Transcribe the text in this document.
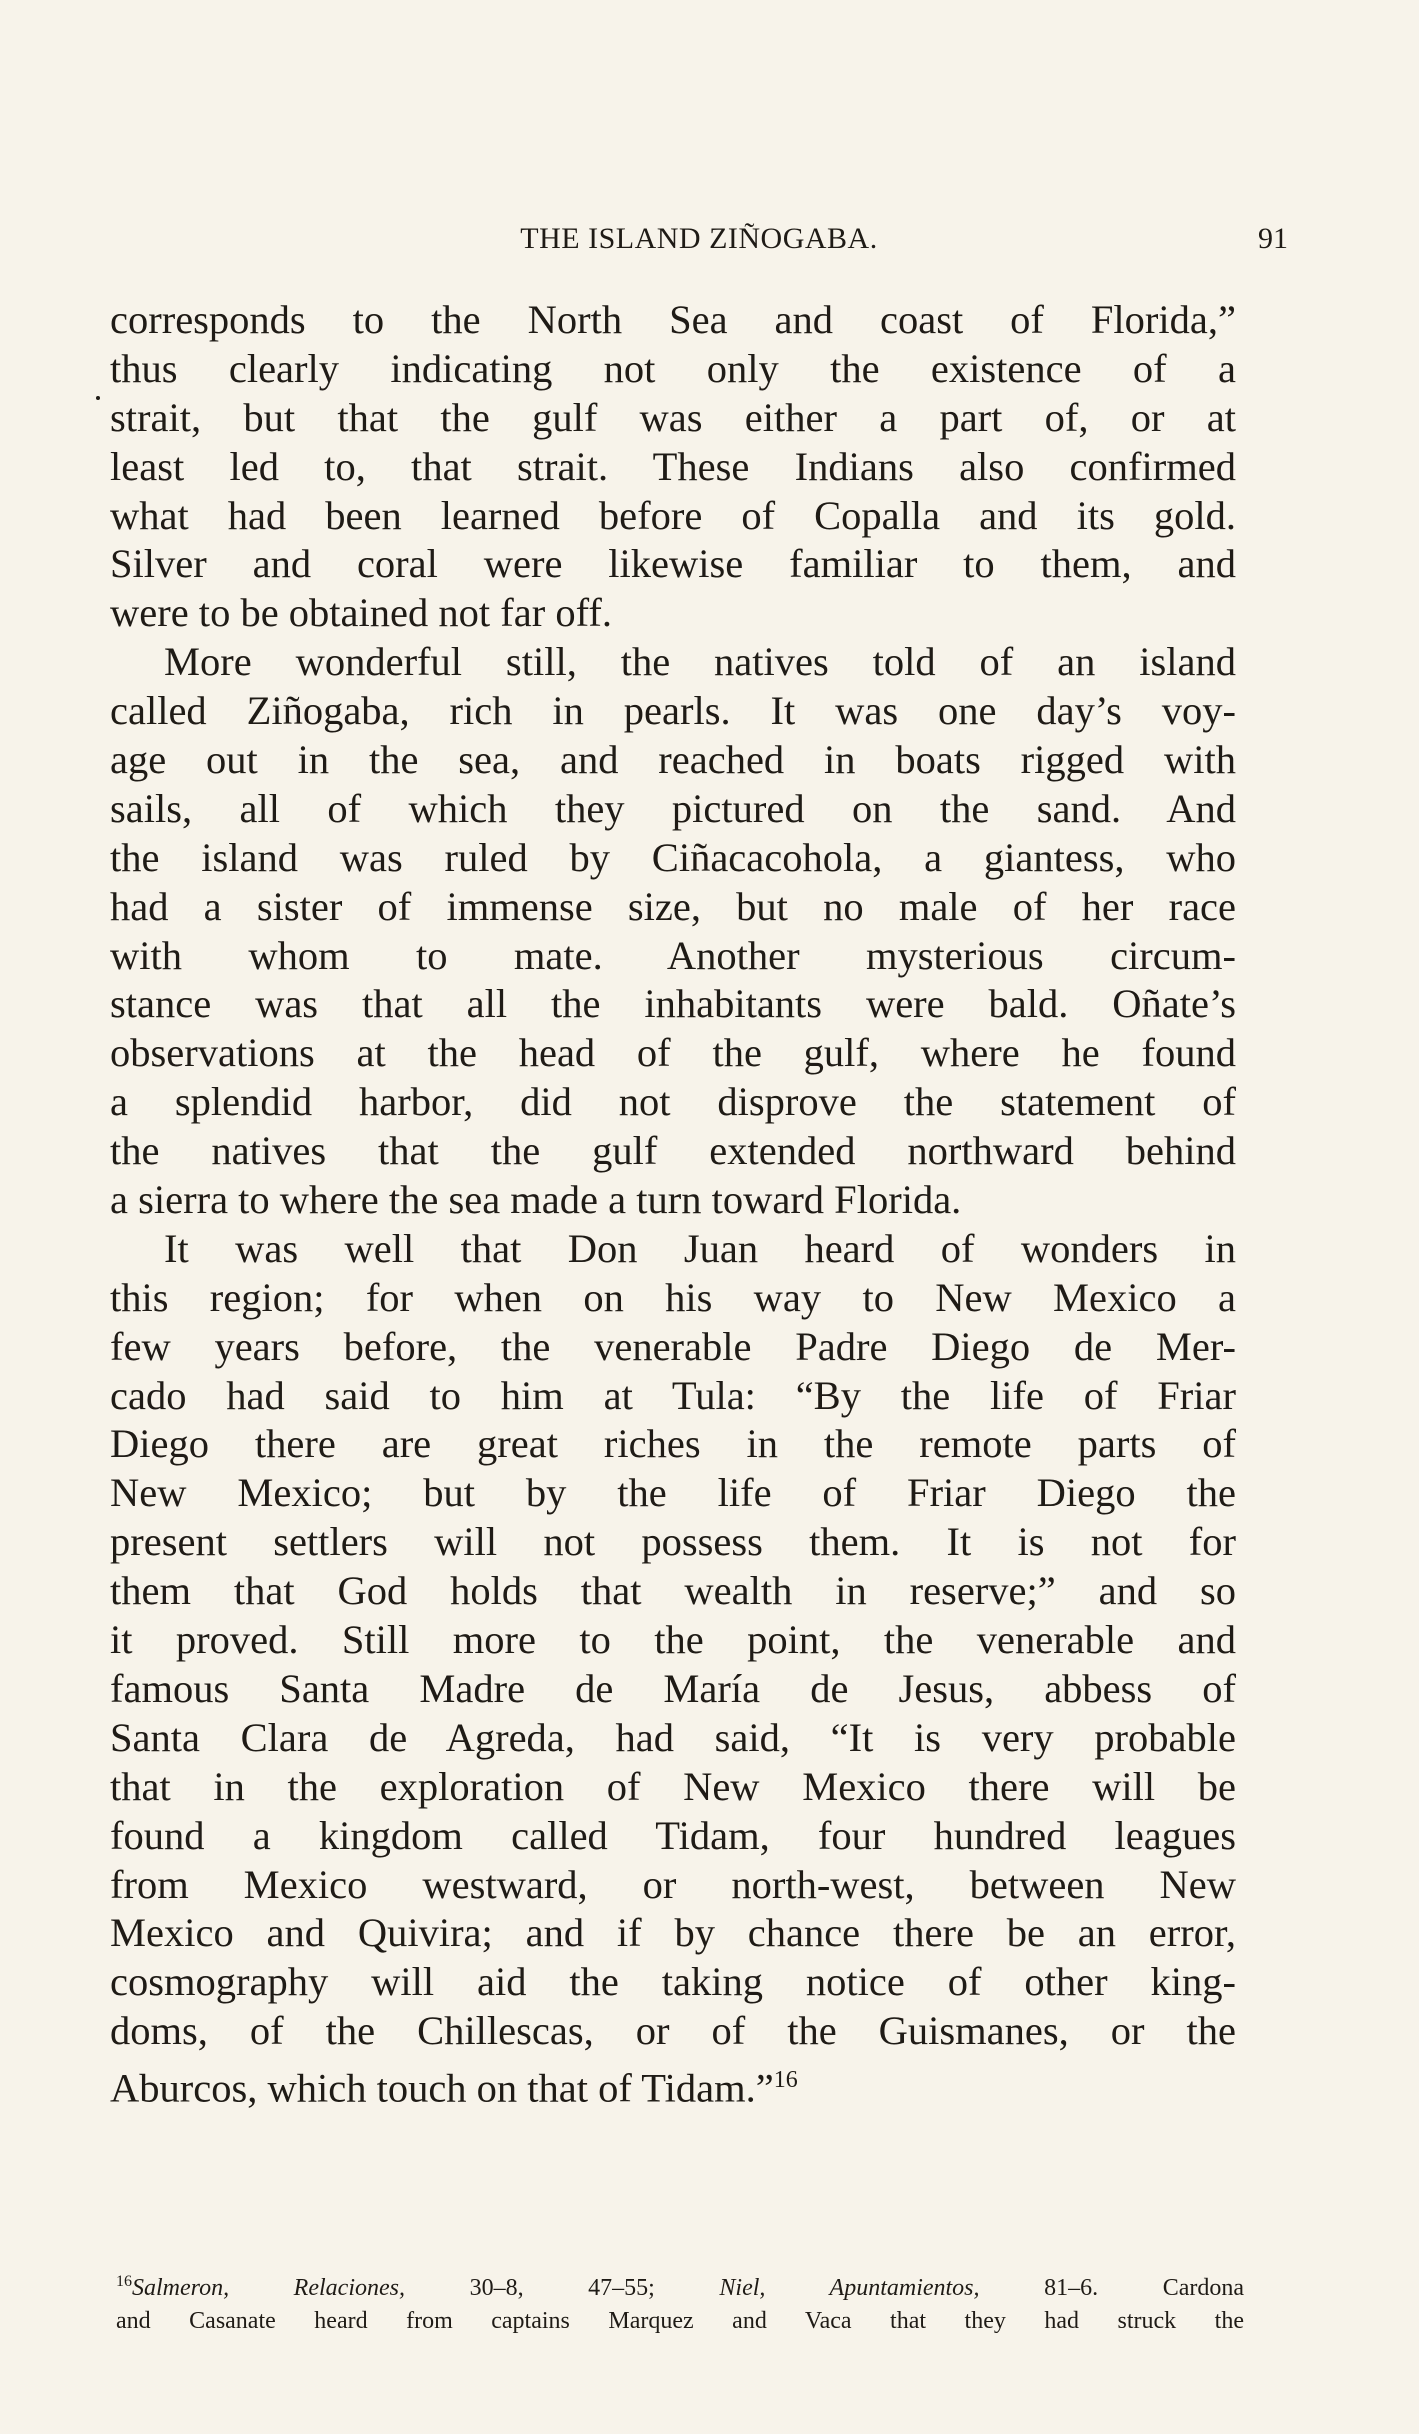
THE ISLAND ZIÑOGABA.	91
corresponds to the North Sea and coast of Florida,”
thus clearly indicating not only the existence of a
strait, but that the gulf was either a part of, or at
least led to, that strait. These Indians also confirmed
what had been learned before of Copalla and its gold.
Silver and coral were likewise familiar to them, and
were to be obtained not far off.
More wonderful still, the natives told of an island
called Ziñogaba, rich in pearls. It was one day’s voy-
age out in the sea, and reached in boats rigged with
sails, all of which they pictured on the sand. And
the island was ruled by Ciñacacohola, a giantess, who
had a sister of immense size, but no male of her race
with whom to mate. Another mysterious circum-
stance was that all the inhabitants were bald. Oñate’s
observations at the head of the gulf, where he found
a splendid harbor, did not disprove the statement of
the natives that the gulf extended northward behind
a sierra to where the sea made a turn toward Florida.
It was well that Don Juan heard of wonders in
this region; for when on his way to New Mexico a
few years before, the venerable Padre Diego de Mer-
cado had said to him at Tula: “By the life of Friar
Diego there are great riches in the remote parts of
New Mexico; but by the life of Friar Diego the
present settlers will not possess them. It is not for
them that God holds that wealth in reserve;” and so
it proved. Still more to the point, the venerable and
famous Santa Madre de María de Jesus, abbess of
Santa Clara de Agreda, had said, “It is very probable
that in the exploration of New Mexico there will be
found a kingdom called Tidam, four hundred leagues
from Mexico westward, or north-west, between New
Mexico and Quivira; and if by chance there be an error,
cosmography will aid the taking notice of other king-
doms, of the Chillescas, or of the Guismanes, or the
Aburcos, which touch on that of Tidam.”$^{16}$
$^{16}$Salmeron, Relaciones, 30–8, 47–55; Niel, Apuntamientos, 81–6. Cardona
and Casanate heard from captains Marquez and Vaca that they had struck the
